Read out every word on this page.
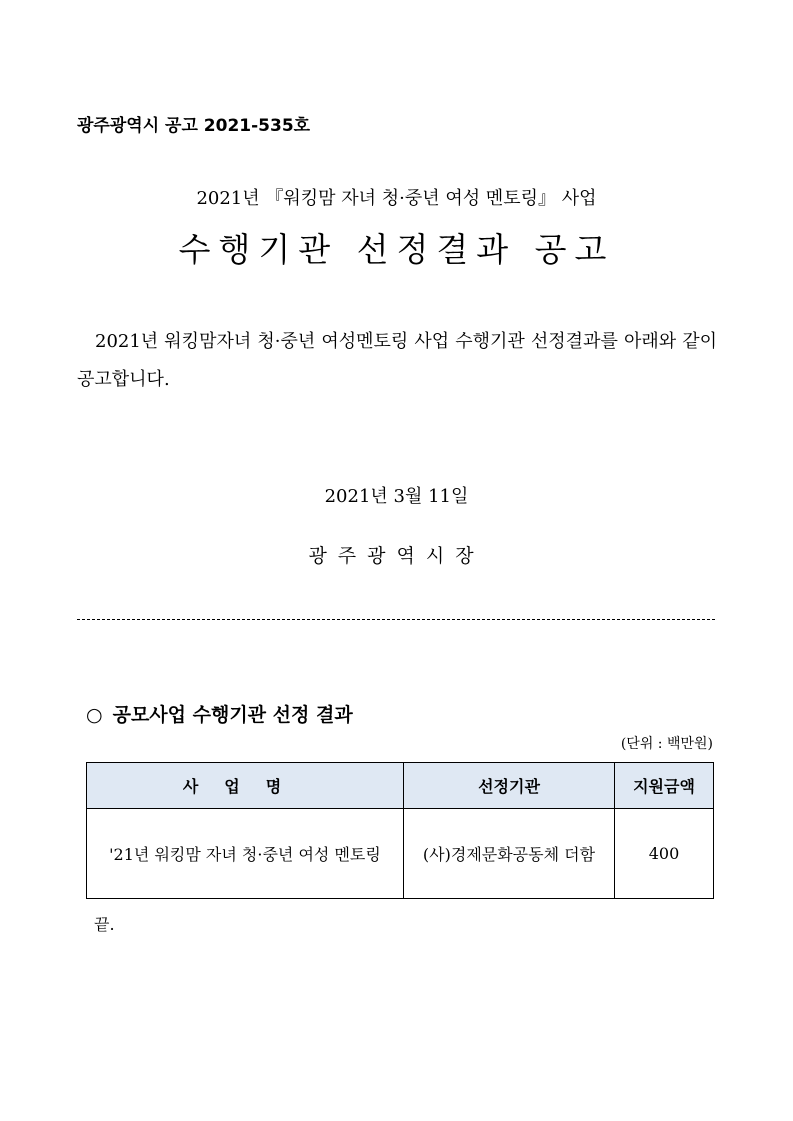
광주광역시 공고 2021-535호
2021년 『워킹맘 자녀 청·중년 여성 멘토링』 사업
수행기관 선정결과 공고
2021년 워킹맘자녀 청·중년 여성멘토링 사업 수행기관 선정결과를 아래와 같이 공고합니다.
2021년 3월 11일
광주광역시장
○ 공모사업 수행기관 선정 결과
(단위 : 백만원)
사업명	선정기관	지원금액
'21년 워킹맘 자녀 청·중년 여성 멘토링	(사)경제문화공동체 더함	400
끝.
